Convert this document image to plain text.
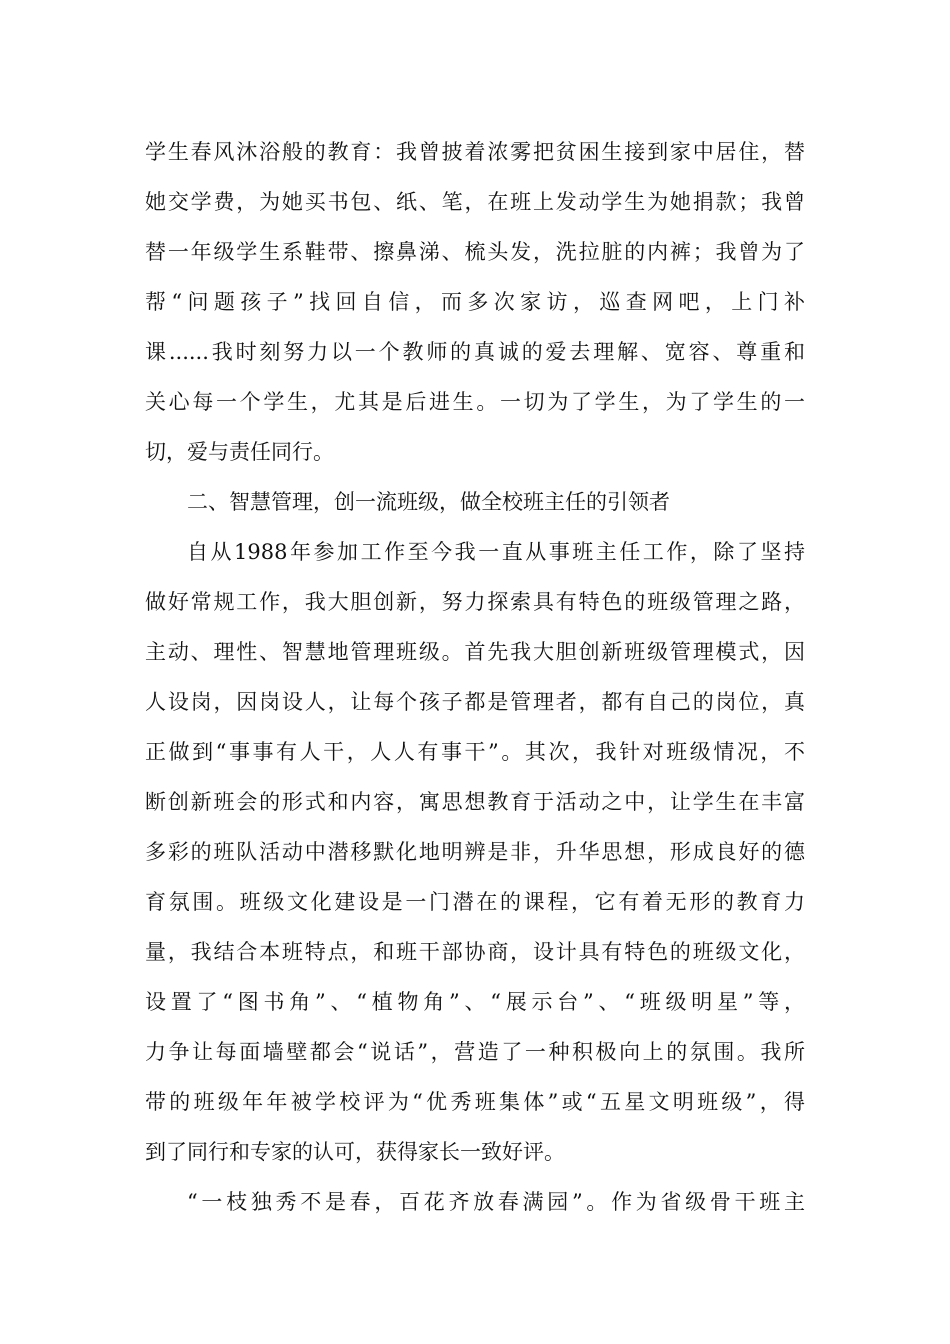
学生春风沐浴般的教育：我曾披着浓雾把贫困生接到家中居住，替
她交学费，为她买书包、纸、笔，在班上发动学生为她捐款；我曾
替一年级学生系鞋带、擦鼻涕、梳头发，洗拉脏的内裤；我曾为了
帮“问题孩子”找回自信，而多次家访，巡查网吧，上门补
课......我时刻努力以一个教师的真诚的爱去理解、宽容、尊重和
关心每一个学生，尤其是后进生。一切为了学生，为了学生的一
切，爱与责任同行。
二、智慧管理，创一流班级，做全校班主任的引领者
自从1988年参加工作至今我一直从事班主任工作，除了坚持
做好常规工作，我大胆创新，努力探索具有特色的班级管理之路，
主动、理性、智慧地管理班级。首先我大胆创新班级管理模式，因
人设岗，因岗设人，让每个孩子都是管理者，都有自己的岗位，真
正做到“事事有人干，人人有事干”。其次，我针对班级情况，不
断创新班会的形式和内容，寓思想教育于活动之中，让学生在丰富
多彩的班队活动中潜移默化地明辨是非，升华思想，形成良好的德
育氛围。班级文化建设是一门潜在的课程，它有着无形的教育力
量，我结合本班特点，和班干部协商，设计具有特色的班级文化，
设置了“图书角”、“植物角”、“展示台”、“班级明星”等，
力争让每面墙壁都会“说话”，营造了一种积极向上的氛围。我所
带的班级年年被学校评为“优秀班集体”或“五星文明班级”，得
到了同行和专家的认可，获得家长一致好评。
“一枝独秀不是春，百花齐放春满园”。作为省级骨干班主
